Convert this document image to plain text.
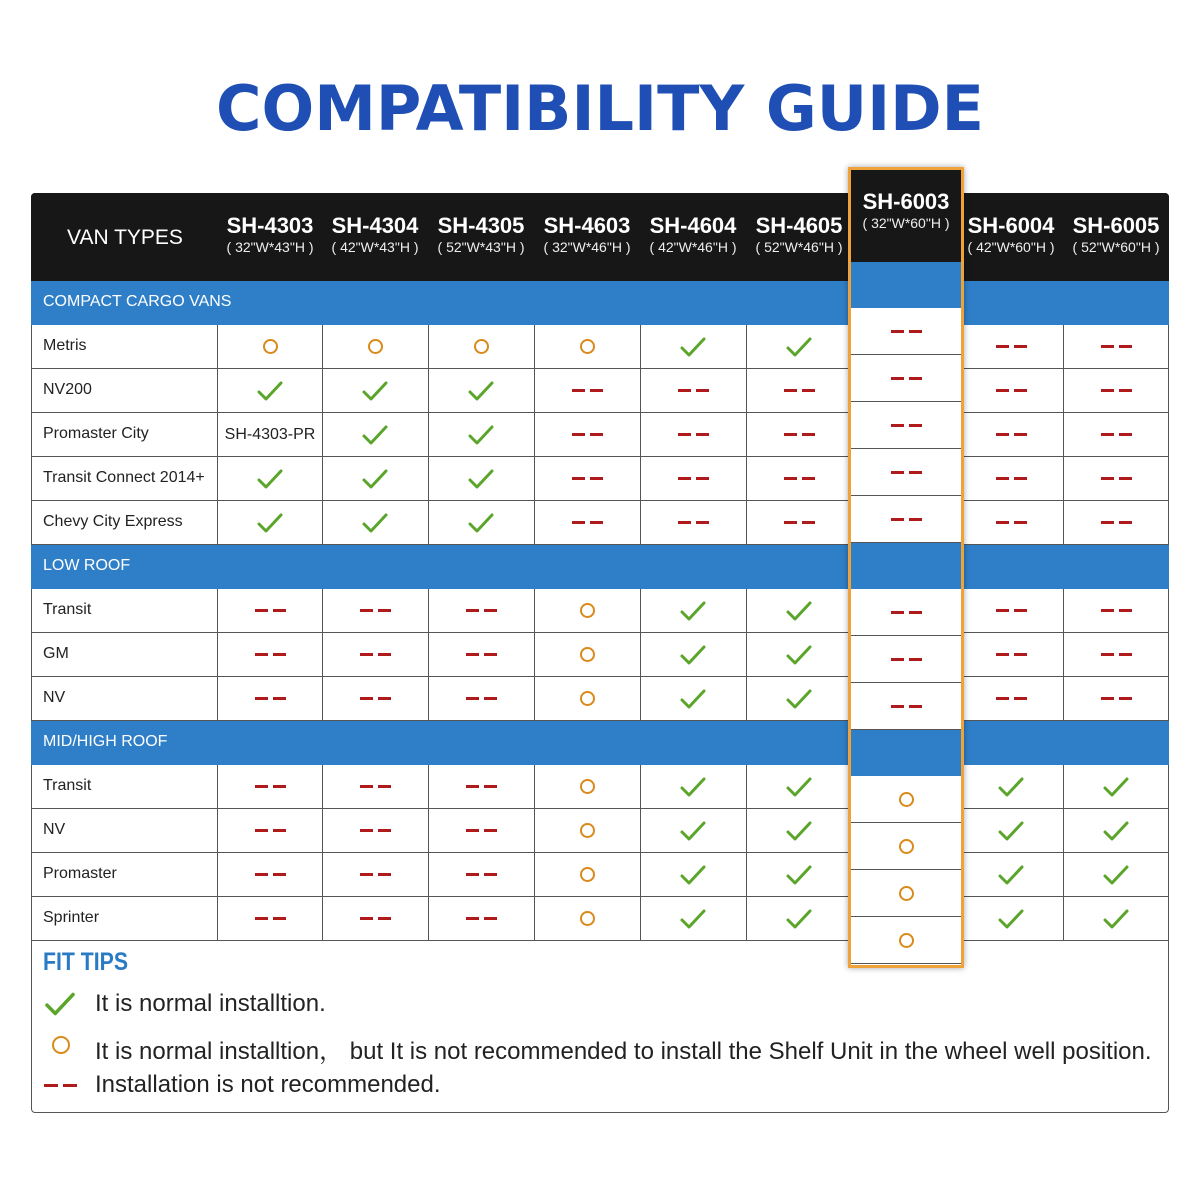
COMPATIBILITY GUIDE
VAN TYPES
FIT TIPS
It is normal installtion.
It is normal installtion， but It is not recommended to install the Shelf Unit in the wheel well position.
Installation is not recommended.
SH-4303
( 32"W*43"H )
SH-4304
( 42"W*43"H )
SH-4305
( 52"W*43"H )
SH-4603
( 32"W*46"H )
SH-4604
( 42"W*46"H )
SH-4605
( 52"W*46"H )
SH-6004
( 42"W*60"H )
SH-6005
( 52"W*60"H )
COMPACT CARGO VANS
Metris
NV200
Promaster City	SH-4303-PR
Transit Connect 2014+
Chevy City Express
LOW ROOF
Transit
GM
NV
MID/HIGH ROOF
Transit
NV
Promaster
Sprinter
SH-6003
( 32"W*60"H )
